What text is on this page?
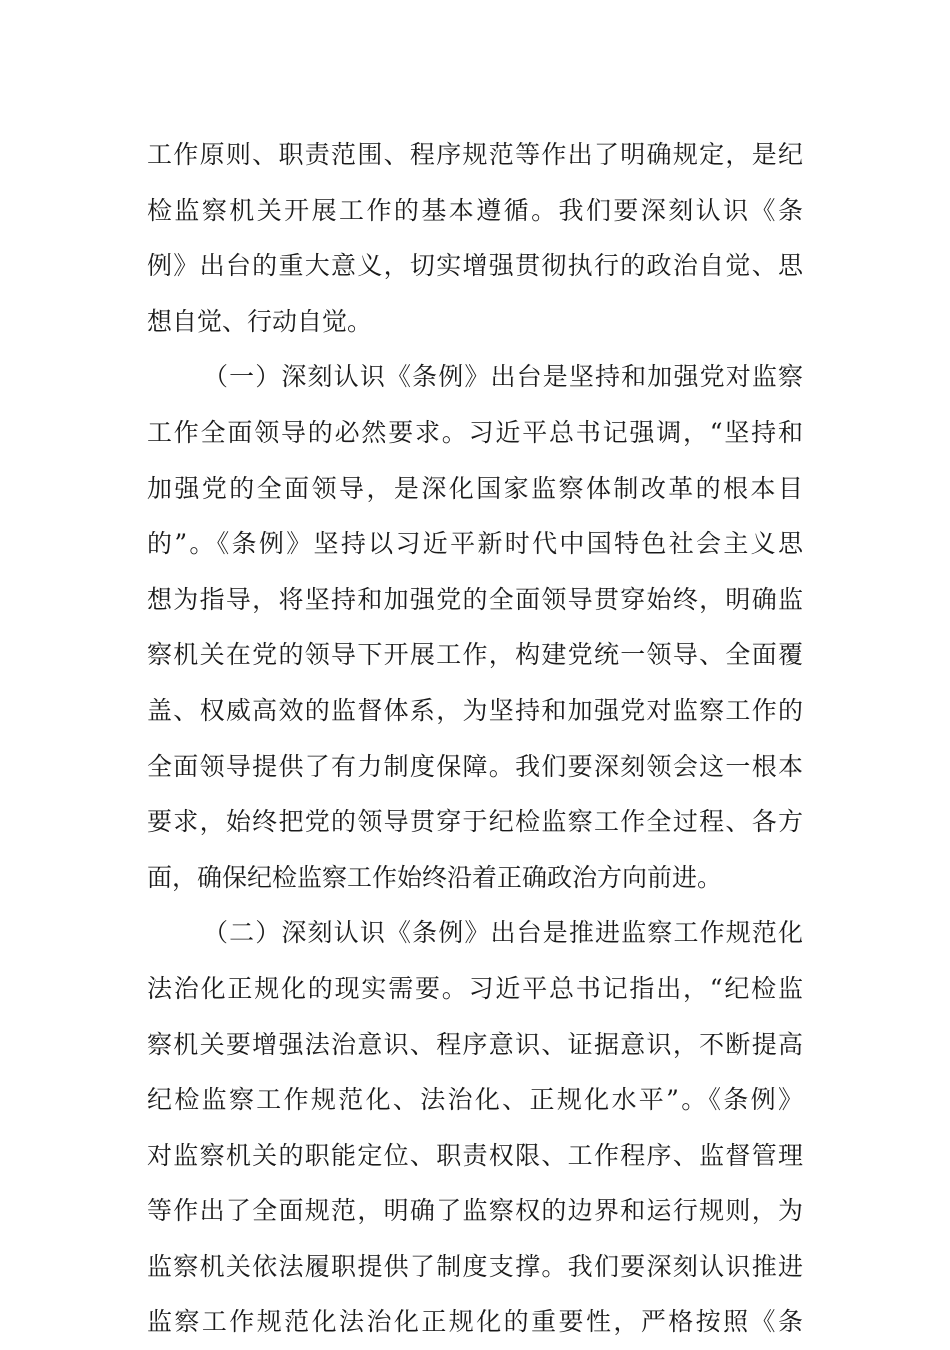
工作原则、职责范围、程序规范等作出了明确规定，是纪
检监察机关开展工作的基本遵循。我们要深刻认识《条
例》出台的重大意义，切实增强贯彻执行的政治自觉、思
想自觉、行动自觉。
（一）深刻认识《条例》出台是坚持和加强党对监察
工作全面领导的必然要求。习近平总书记强调，“坚持和
加强党的全面领导，是深化国家监察体制改革的根本目
的”。《条例》坚持以习近平新时代中国特色社会主义思
想为指导，将坚持和加强党的全面领导贯穿始终，明确监
察机关在党的领导下开展工作，构建党统一领导、全面覆
盖、权威高效的监督体系，为坚持和加强党对监察工作的
全面领导提供了有力制度保障。我们要深刻领会这一根本
要求，始终把党的领导贯穿于纪检监察工作全过程、各方
面，确保纪检监察工作始终沿着正确政治方向前进。
（二）深刻认识《条例》出台是推进监察工作规范化
法治化正规化的现实需要。习近平总书记指出，“纪检监
察机关要增强法治意识、程序意识、证据意识，不断提高
纪检监察工作规范化、法治化、正规化水平”。《条例》
对监察机关的职能定位、职责权限、工作程序、监督管理
等作出了全面规范，明确了监察权的边界和运行规则，为
监察机关依法履职提供了制度支撑。我们要深刻认识推进
监察工作规范化法治化正规化的重要性，严格按照《条
